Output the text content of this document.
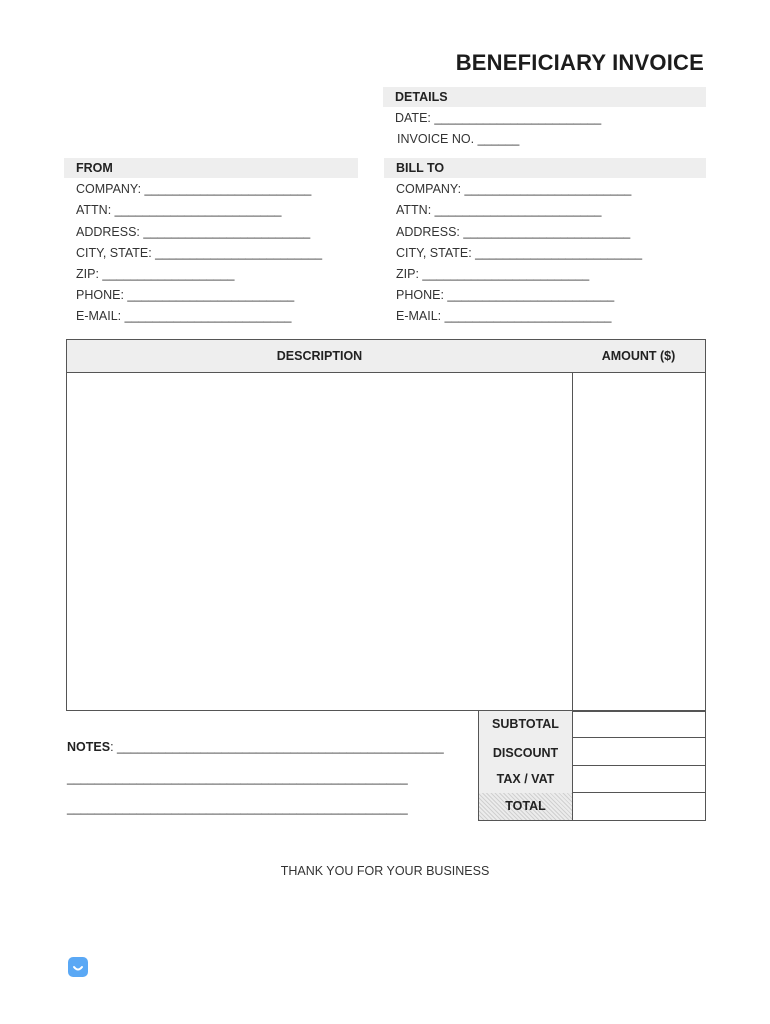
BENEFICIARY INVOICE
DETAILS
DATE: ________________________
INVOICE NO. ______
FROM
COMPANY: ________________________
ATTN: ________________________
ADDRESS: ________________________
CITY, STATE: ________________________
ZIP: ___________________
PHONE: ________________________
E-MAIL: ________________________
BILL TO
COMPANY: ________________________
ATTN: ________________________
ADDRESS: ________________________
CITY, STATE: ________________________
ZIP: ________________________
PHONE: ________________________
E-MAIL: ________________________
DESCRIPTION	AMOUNT ($)
SUBTOTAL
DISCOUNT
TAX / VAT
TOTAL
NOTES: _______________________________________________
_________________________________________________
_________________________________________________
THANK YOU FOR YOUR BUSINESS
